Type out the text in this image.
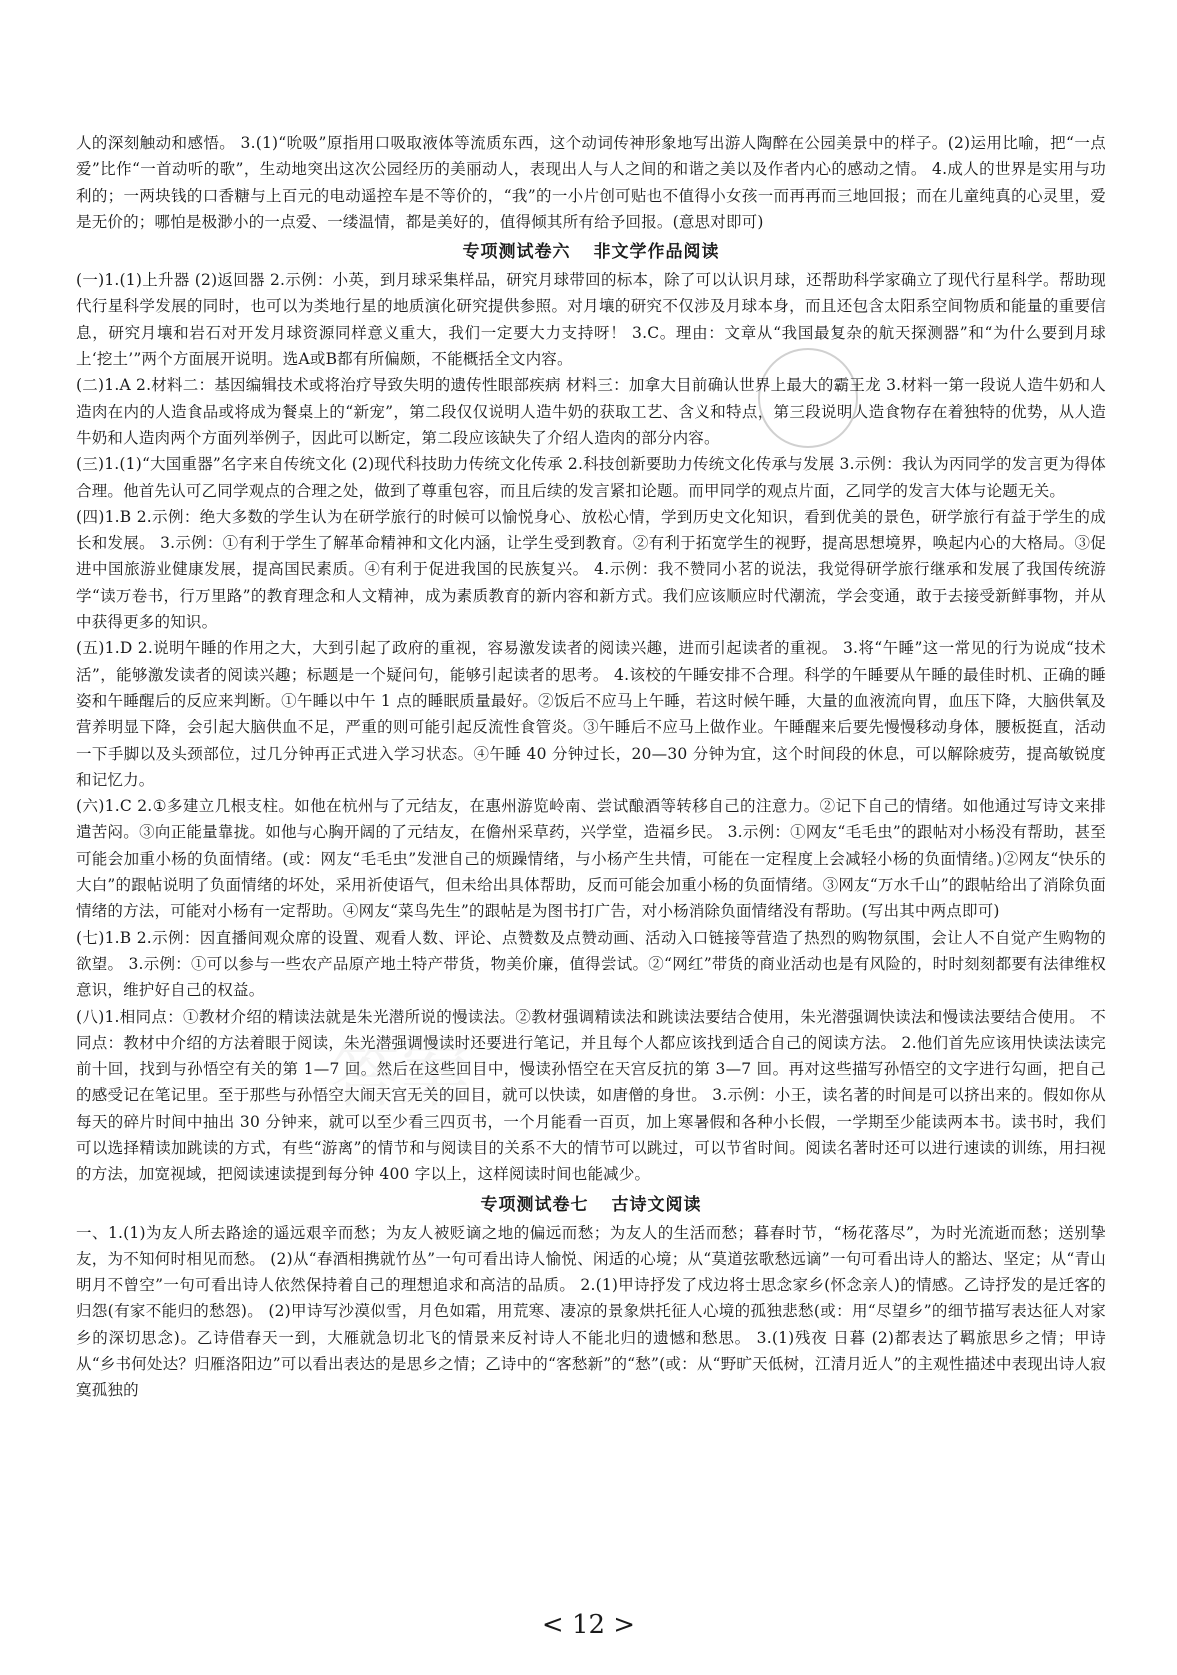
答案

人的深刻触动和感悟。 3.(1)“吮吸”原指用口吸取液体等流质东西，这个动词传神形象地写出游人陶醉在公园美景中的样子。(2)运用比喻，把“一点爱”比作“一首动听的歌”，生动地突出这次公园经历的美丽动人，表现出人与人之间的和谐之美以及作者内心的感动之情。 4.成人的世界是实用与功利的；一两块钱的口香糖与上百元的电动遥控车是不等价的，“我”的一小片创可贴也不值得小女孩一而再再而三地回报；而在儿童纯真的心灵里，爱是无价的；哪怕是极渺小的一点爱、一缕温情，都是美好的，值得倾其所有给予回报。(意思对即可)

专项测试卷六 非文学作品阅读

(一)1.(1)上升器 (2)返回器 2.示例：小英，到月球采集样品，研究月球带回的标本，除了可以认识月球，还帮助科学家确立了现代行星科学。帮助现代行星科学发展的同时，也可以为类地行星的地质演化研究提供参照。对月壤的研究不仅涉及月球本身，而且还包含太阳系空间物质和能量的重要信息，研究月壤和岩石对开发月球资源同样意义重大，我们一定要大力支持呀！ 3.C。理由：文章从“我国最复杂的航天探测器”和“为什么要到月球上‘挖土’”两个方面展开说明。选A或B都有所偏颇，不能概括全文内容。

(二)1.A 2.材料二：基因编辑技术或将治疗导致失明的遗传性眼部疾病 材料三：加拿大目前确认世界上最大的霸王龙 3.材料一第一段说人造牛奶和人造肉在内的人造食品或将成为餐桌上的“新宠”，第二段仅仅说明人造牛奶的获取工艺、含义和特点，第三段说明人造食物存在着独特的优势，从人造牛奶和人造肉两个方面列举例子，因此可以断定，第二段应该缺失了介绍人造肉的部分内容。

(三)1.(1)“大国重器”名字来自传统文化 (2)现代科技助力传统文化传承 2.科技创新要助力传统文化传承与发展 3.示例：我认为丙同学的发言更为得体合理。他首先认可乙同学观点的合理之处，做到了尊重包容，而且后续的发言紧扣论题。而甲同学的观点片面，乙同学的发言大体与论题无关。

(四)1.B 2.示例：绝大多数的学生认为在研学旅行的时候可以愉悦身心、放松心情，学到历史文化知识，看到优美的景色，研学旅行有益于学生的成长和发展。 3.示例：①有利于学生了解革命精神和文化内涵，让学生受到教育。②有利于拓宽学生的视野，提高思想境界，唤起内心的大格局。③促进中国旅游业健康发展，提高国民素质。④有利于促进我国的民族复兴。 4.示例：我不赞同小茗的说法，我觉得研学旅行继承和发展了我国传统游学“读万卷书，行万里路”的教育理念和人文精神，成为素质教育的新内容和新方式。我们应该顺应时代潮流，学会变通，敢于去接受新鲜事物，并从中获得更多的知识。

(五)1.D 2.说明午睡的作用之大，大到引起了政府的重视，容易激发读者的阅读兴趣，进而引起读者的重视。 3.将“午睡”这一常见的行为说成“技术活”，能够激发读者的阅读兴趣；标题是一个疑问句，能够引起读者的思考。 4.该校的午睡安排不合理。科学的午睡要从午睡的最佳时机、正确的睡姿和午睡醒后的反应来判断。①午睡以中午 1 点的睡眠质量最好。②饭后不应马上午睡，若这时候午睡，大量的血液流向胃，血压下降，大脑供氧及营养明显下降，会引起大脑供血不足，严重的则可能引起反流性食管炎。③午睡后不应马上做作业。午睡醒来后要先慢慢移动身体，腰板挺直，活动一下手脚以及头颈部位，过几分钟再正式进入学习状态。④午睡 40 分钟过长，20—30 分钟为宜，这个时间段的休息，可以解除疲劳，提高敏锐度和记忆力。

(六)1.C 2.①多建立几根支柱。如他在杭州与了元结友，在惠州游览岭南、尝试酿酒等转移自己的注意力。②记下自己的情绪。如他通过写诗文来排遣苦闷。③向正能量靠拢。如他与心胸开阔的了元结友，在儋州采草药，兴学堂，造福乡民。 3.示例：①网友“毛毛虫”的跟帖对小杨没有帮助，甚至可能会加重小杨的负面情绪。(或：网友“毛毛虫”发泄自己的烦躁情绪，与小杨产生共情，可能在一定程度上会减轻小杨的负面情绪。)②网友“快乐的大白”的跟帖说明了负面情绪的坏处，采用祈使语气，但未给出具体帮助，反而可能会加重小杨的负面情绪。③网友“万水千山”的跟帖给出了消除负面情绪的方法，可能对小杨有一定帮助。④网友“菜鸟先生”的跟帖是为图书打广告，对小杨消除负面情绪没有帮助。(写出其中两点即可)

(七)1.B 2.示例：因直播间观众席的设置、观看人数、评论、点赞数及点赞动画、活动入口链接等营造了热烈的购物氛围，会让人不自觉产生购物的欲望。 3.示例：①可以参与一些农产品原产地土特产带货，物美价廉，值得尝试。②“网红”带货的商业活动也是有风险的，时时刻刻都要有法律维权意识，维护好自己的权益。

(八)1.相同点：①教材介绍的精读法就是朱光潜所说的慢读法。②教材强调精读法和跳读法要结合使用，朱光潜强调快读法和慢读法要结合使用。 不同点：教材中介绍的方法着眼于阅读，朱光潜强调慢读时还要进行笔记，并且每个人都应该找到适合自己的阅读方法。 2.他们首先应该用快读法读完前十回，找到与孙悟空有关的第 1—7 回。然后在这些回目中，慢读孙悟空在天宫反抗的第 3—7 回。再对这些描写孙悟空的文字进行勾画，把自己的感受记在笔记里。至于那些与孙悟空大闹天宫无关的回目，就可以快读，如唐僧的身世。 3.示例：小王，读名著的时间是可以挤出来的。假如你从每天的碎片时间中抽出 30 分钟来，就可以至少看三四页书，一个月能看一百页，加上寒暑假和各种小长假，一学期至少能读两本书。读书时，我们可以选择精读加跳读的方式，有些“游离”的情节和与阅读目的关系不大的情节可以跳过，可以节省时间。阅读名著时还可以进行速读的训练，用扫视的方法，加宽视域，把阅读速读提到每分钟 400 字以上，这样阅读时间也能减少。

专项测试卷七 古诗文阅读

一、1.(1)为友人所去路途的遥远艰辛而愁；为友人被贬谪之地的偏远而愁；为友人的生活而愁；暮春时节，“杨花落尽”，为时光流逝而愁；送别挚友，为不知何时相见而愁。 (2)从“春酒相携就竹丛”一句可看出诗人愉悦、闲适的心境；从“莫道弦歌愁远谪”一句可看出诗人的豁达、坚定；从“青山明月不曾空”一句可看出诗人依然保持着自己的理想追求和高洁的品质。 2.(1)甲诗抒发了戍边将士思念家乡(怀念亲人)的情感。乙诗抒发的是迁客的归怨(有家不能归的愁怨)。 (2)甲诗写沙漠似雪，月色如霜，用荒寒、凄凉的景象烘托征人心境的孤独悲愁(或：用“尽望乡”的细节描写表达征人对家乡的深切思念)。乙诗借春天一到，大雁就急切北飞的情景来反衬诗人不能北归的遗憾和愁思。 3.(1)残夜 日暮 (2)都表达了羁旅思乡之情；甲诗从“乡书何处达？归雁洛阳边”可以看出表达的是思乡之情；乙诗中的“客愁新”的“愁”(或：从“野旷天低树，江清月近人”的主观性描述中表现出诗人寂寞孤独的

< 12 >
